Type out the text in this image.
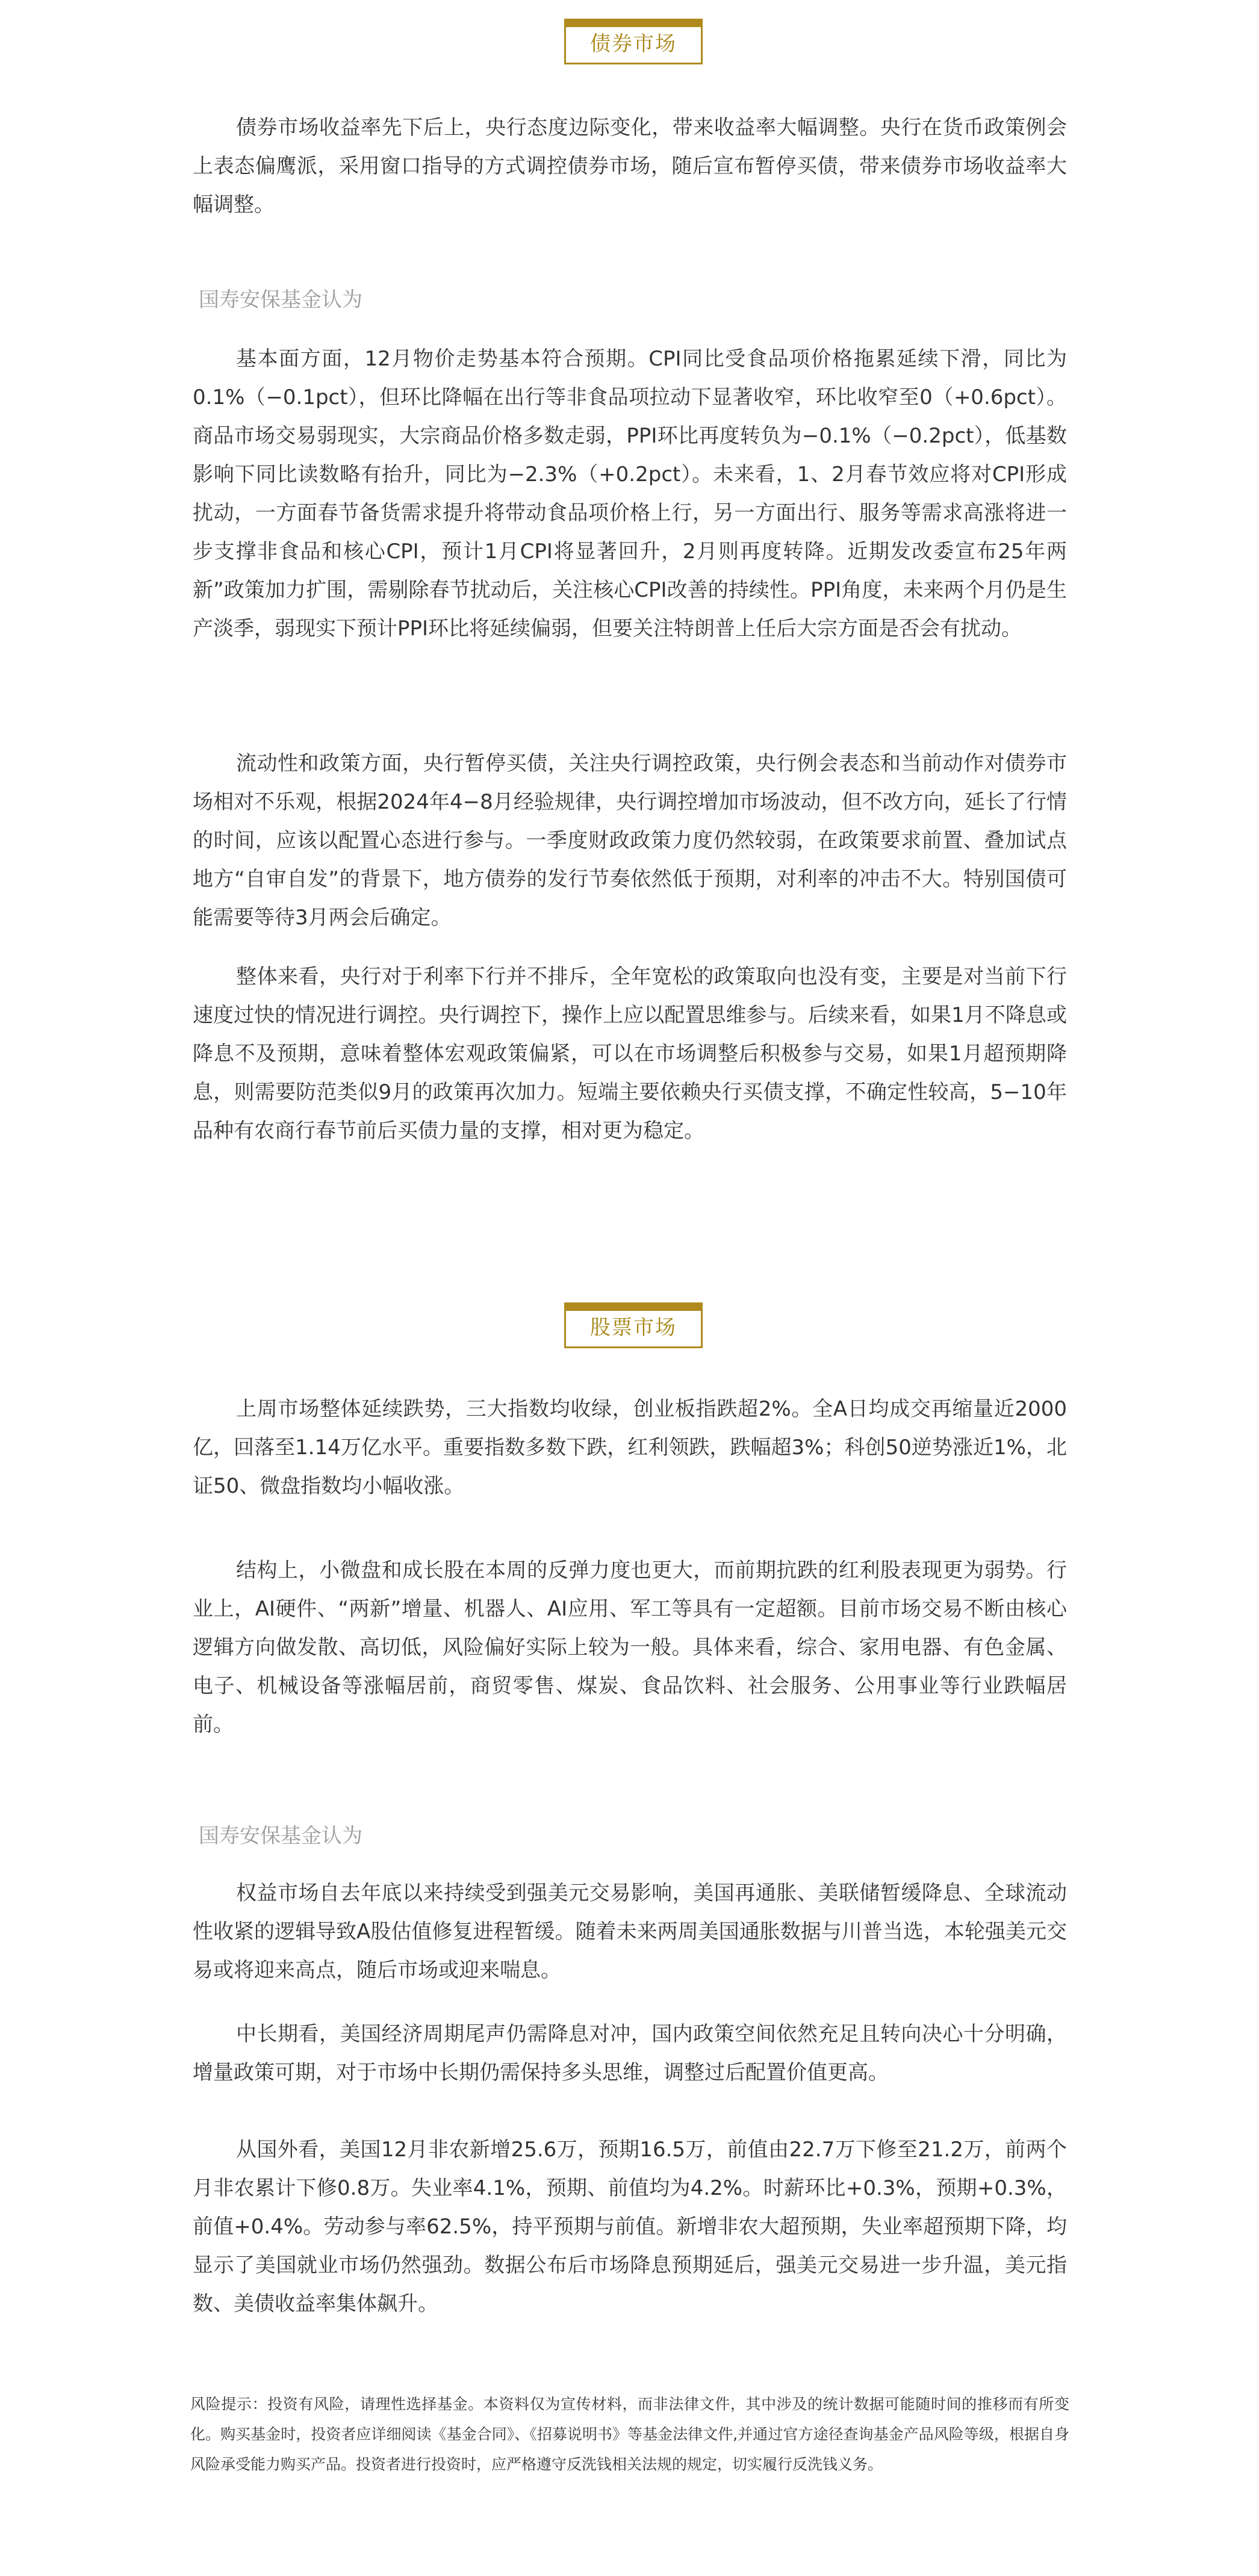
债券市场

债券市场收益率先下后上，央行态度边际变化，带来收益率大幅调整。央行在货币政策例会上表态偏鹰派，采用窗口指导的方式调控债券市场，随后宣布暂停买债，带来债券市场收益率大幅调整。

国寿安保基金认为

基本面方面，12月物价走势基本符合预期。CPI同比受食品项价格拖累延续下滑，同比为0.1%（−0.1pct），但环比降幅在出行等非食品项拉动下显著收窄，环比收窄至0（+0.6pct）。商品市场交易弱现实，大宗商品价格多数走弱，PPI环比再度转负为−0.1%（−0.2pct），低基数影响下同比读数略有抬升，同比为−2.3%（+0.2pct）。未来看，1、2月春节效应将对CPI形成扰动，一方面春节备货需求提升将带动食品项价格上行，另一方面出行、服务等需求高涨将进一步支撑非食品和核心CPI，预计1月CPI将显著回升，2月则再度转降。近期发改委宣布25年两新”政策加力扩围，需剔除春节扰动后，关注核心CPI改善的持续性。PPI角度，未来两个月仍是生产淡季，弱现实下预计PPI环比将延续偏弱，但要关注特朗普上任后大宗方面是否会有扰动。

流动性和政策方面，央行暂停买债，关注央行调控政策，央行例会表态和当前动作对债券市场相对不乐观，根据2024年4−8月经验规律，央行调控增加市场波动，但不改方向，延长了行情的时间，应该以配置心态进行参与。一季度财政政策力度仍然较弱，在政策要求前置、叠加试点地方“自审自发”的背景下，地方债券的发行节奏依然低于预期，对利率的冲击不大。特别国债可能需要等待3月两会后确定。

整体来看，央行对于利率下行并不排斥，全年宽松的政策取向也没有变，主要是对当前下行速度过快的情况进行调控。央行调控下，操作上应以配置思维参与。后续来看，如果1月不降息或降息不及预期，意味着整体宏观政策偏紧，可以在市场调整后积极参与交易，如果1月超预期降息，则需要防范类似9月的政策再次加力。短端主要依赖央行买债支撑，不确定性较高，5−10年品种有农商行春节前后买债力量的支撑，相对更为稳定。

股票市场

上周市场整体延续跌势，三大指数均收绿，创业板指跌超2%。全A日均成交再缩量近2000亿，回落至1.14万亿水平。重要指数多数下跌，红利领跌，跌幅超3%；科创50逆势涨近1%，北证50、微盘指数均小幅收涨。

结构上，小微盘和成长股在本周的反弹力度也更大，而前期抗跌的红利股表现更为弱势。行业上，AI硬件、“两新”增量、机器人、AI应用、军工等具有一定超额。目前市场交易不断由核心逻辑方向做发散、高切低，风险偏好实际上较为一般。具体来看，综合、家用电器、有色金属、电子、机械设备等涨幅居前，商贸零售、煤炭、食品饮料、社会服务、公用事业等行业跌幅居前。

国寿安保基金认为

权益市场自去年底以来持续受到强美元交易影响，美国再通胀、美联储暂缓降息、全球流动性收紧的逻辑导致A股估值修复进程暂缓。随着未来两周美国通胀数据与川普当选，本轮强美元交易或将迎来高点，随后市场或迎来喘息。

中长期看，美国经济周期尾声仍需降息对冲，国内政策空间依然充足且转向决心十分明确，增量政策可期，对于市场中长期仍需保持多头思维，调整过后配置价值更高。

从国外看，美国12月非农新增25.6万，预期16.5万，前值由22.7万下修至21.2万，前两个月非农累计下修0.8万。失业率4.1%，预期、前值均为4.2%。时薪环比+0.3%，预期+0.3%，前值+0.4%。劳动参与率62.5%，持平预期与前值。新增非农大超预期，失业率超预期下降，均显示了美国就业市场仍然强劲。数据公布后市场降息预期延后，强美元交易进一步升温，美元指数、美债收益率集体飙升。

风险提示：投资有风险，请理性选择基金。本资料仅为宣传材料，而非法律文件，其中涉及的统计数据可能随时间的推移而有所变化。购买基金时，投资者应详细阅读《基金合同》、《招募说明书》等基金法律文件,并通过官方途径查询基金产品风险等级，根据自身风险承受能力购买产品。投资者进行投资时，应严格遵守反洗钱相关法规的规定，切实履行反洗钱义务。
